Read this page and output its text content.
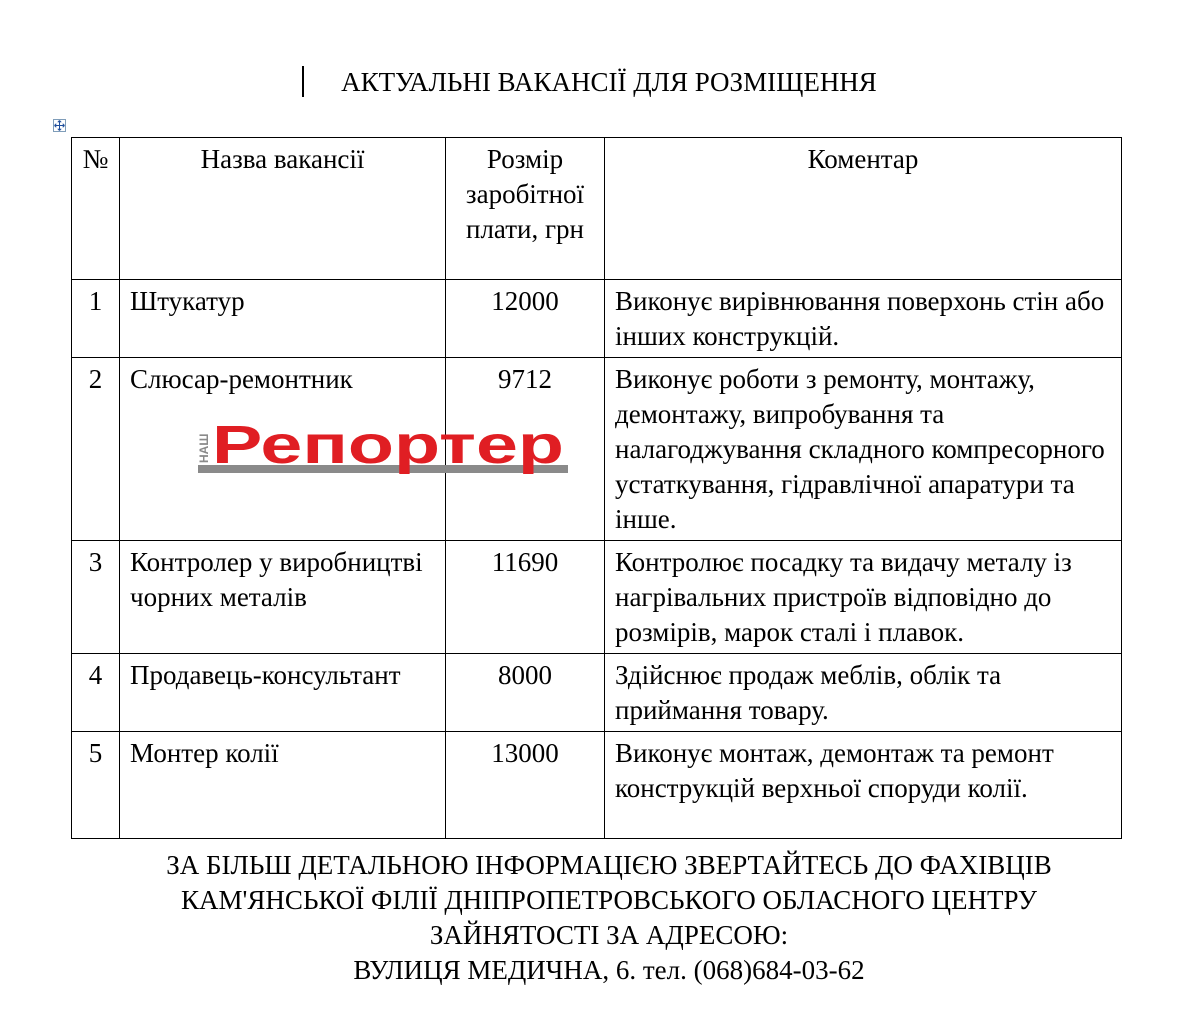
АКТУАЛЬНІ ВАКАНСІЇ ДЛЯ РОЗМІЩЕННЯ
№	Назва вакансії	Розмір заробітної плати, грн	Коментар
1	Штукатур	12000	Виконує вирівнювання поверхонь стін або інших конструкцій.
2	Слюсар-ремонтник	9712	Виконує роботи з ремонту, монтажу, демонтажу, випробування та налагоджування складного компресорного устаткування, гідравлічної апаратури та інше.
3	Контролер у виробництві чорних металів	11690	Контролює посадку та видачу металу із нагрівальних пристроїв відповідно до розмірів, марок сталі і плавок.
4	Продавець-консультант	8000	Здійснює продаж меблів, облік та приймання товару.
5	Монтер колії	13000	Виконує монтаж, демонтаж та ремонт конструкцій верхньої споруди колії.
НАШ Репортер
ЗА БІЛЬШ ДЕТАЛЬНОЮ ІНФОРМАЦІЄЮ ЗВЕРТАЙТЕСЬ ДО ФАХІВЦІВ
КАМ'ЯНСЬКОЇ ФІЛІЇ ДНІПРОПЕТРОВСЬКОГО ОБЛАСНОГО ЦЕНТРУ
ЗАЙНЯТОСТІ ЗА АДРЕСОЮ:
ВУЛИЦЯ МЕДИЧНА, 6. тел. (068)684-03-62
